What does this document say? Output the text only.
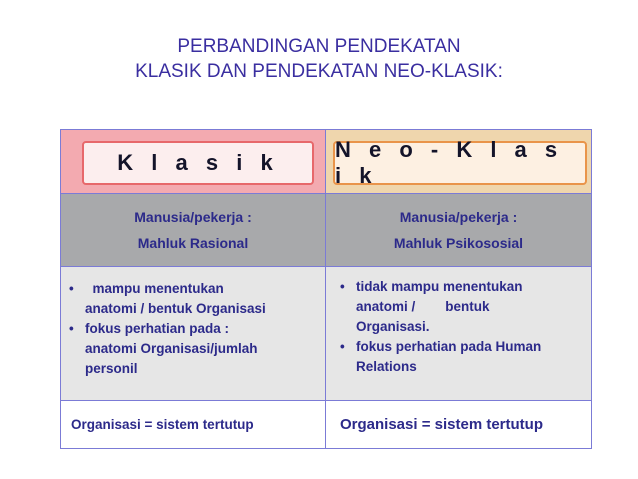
PERBANDINGAN PENDEKATAN
KLASIK DAN PENDEKATAN NEO-KLASIK:
K l a s i k
N e o - K l a s i k
Manusia/pekerja :
Mahluk Rasional
Manusia/pekerja :
Mahluk Psikososial
• mampu menentukan
anatomi / bentuk Organisasi
• fokus perhatian pada :
anatomi Organisasi/jumlah
personil
• tidak mampu menentukan
anatomi /        bentuk
Organisasi.
• fokus perhatian pada Human
Relations
Organisasi = sistem tertutup	Organisasi = sistem tertutup
